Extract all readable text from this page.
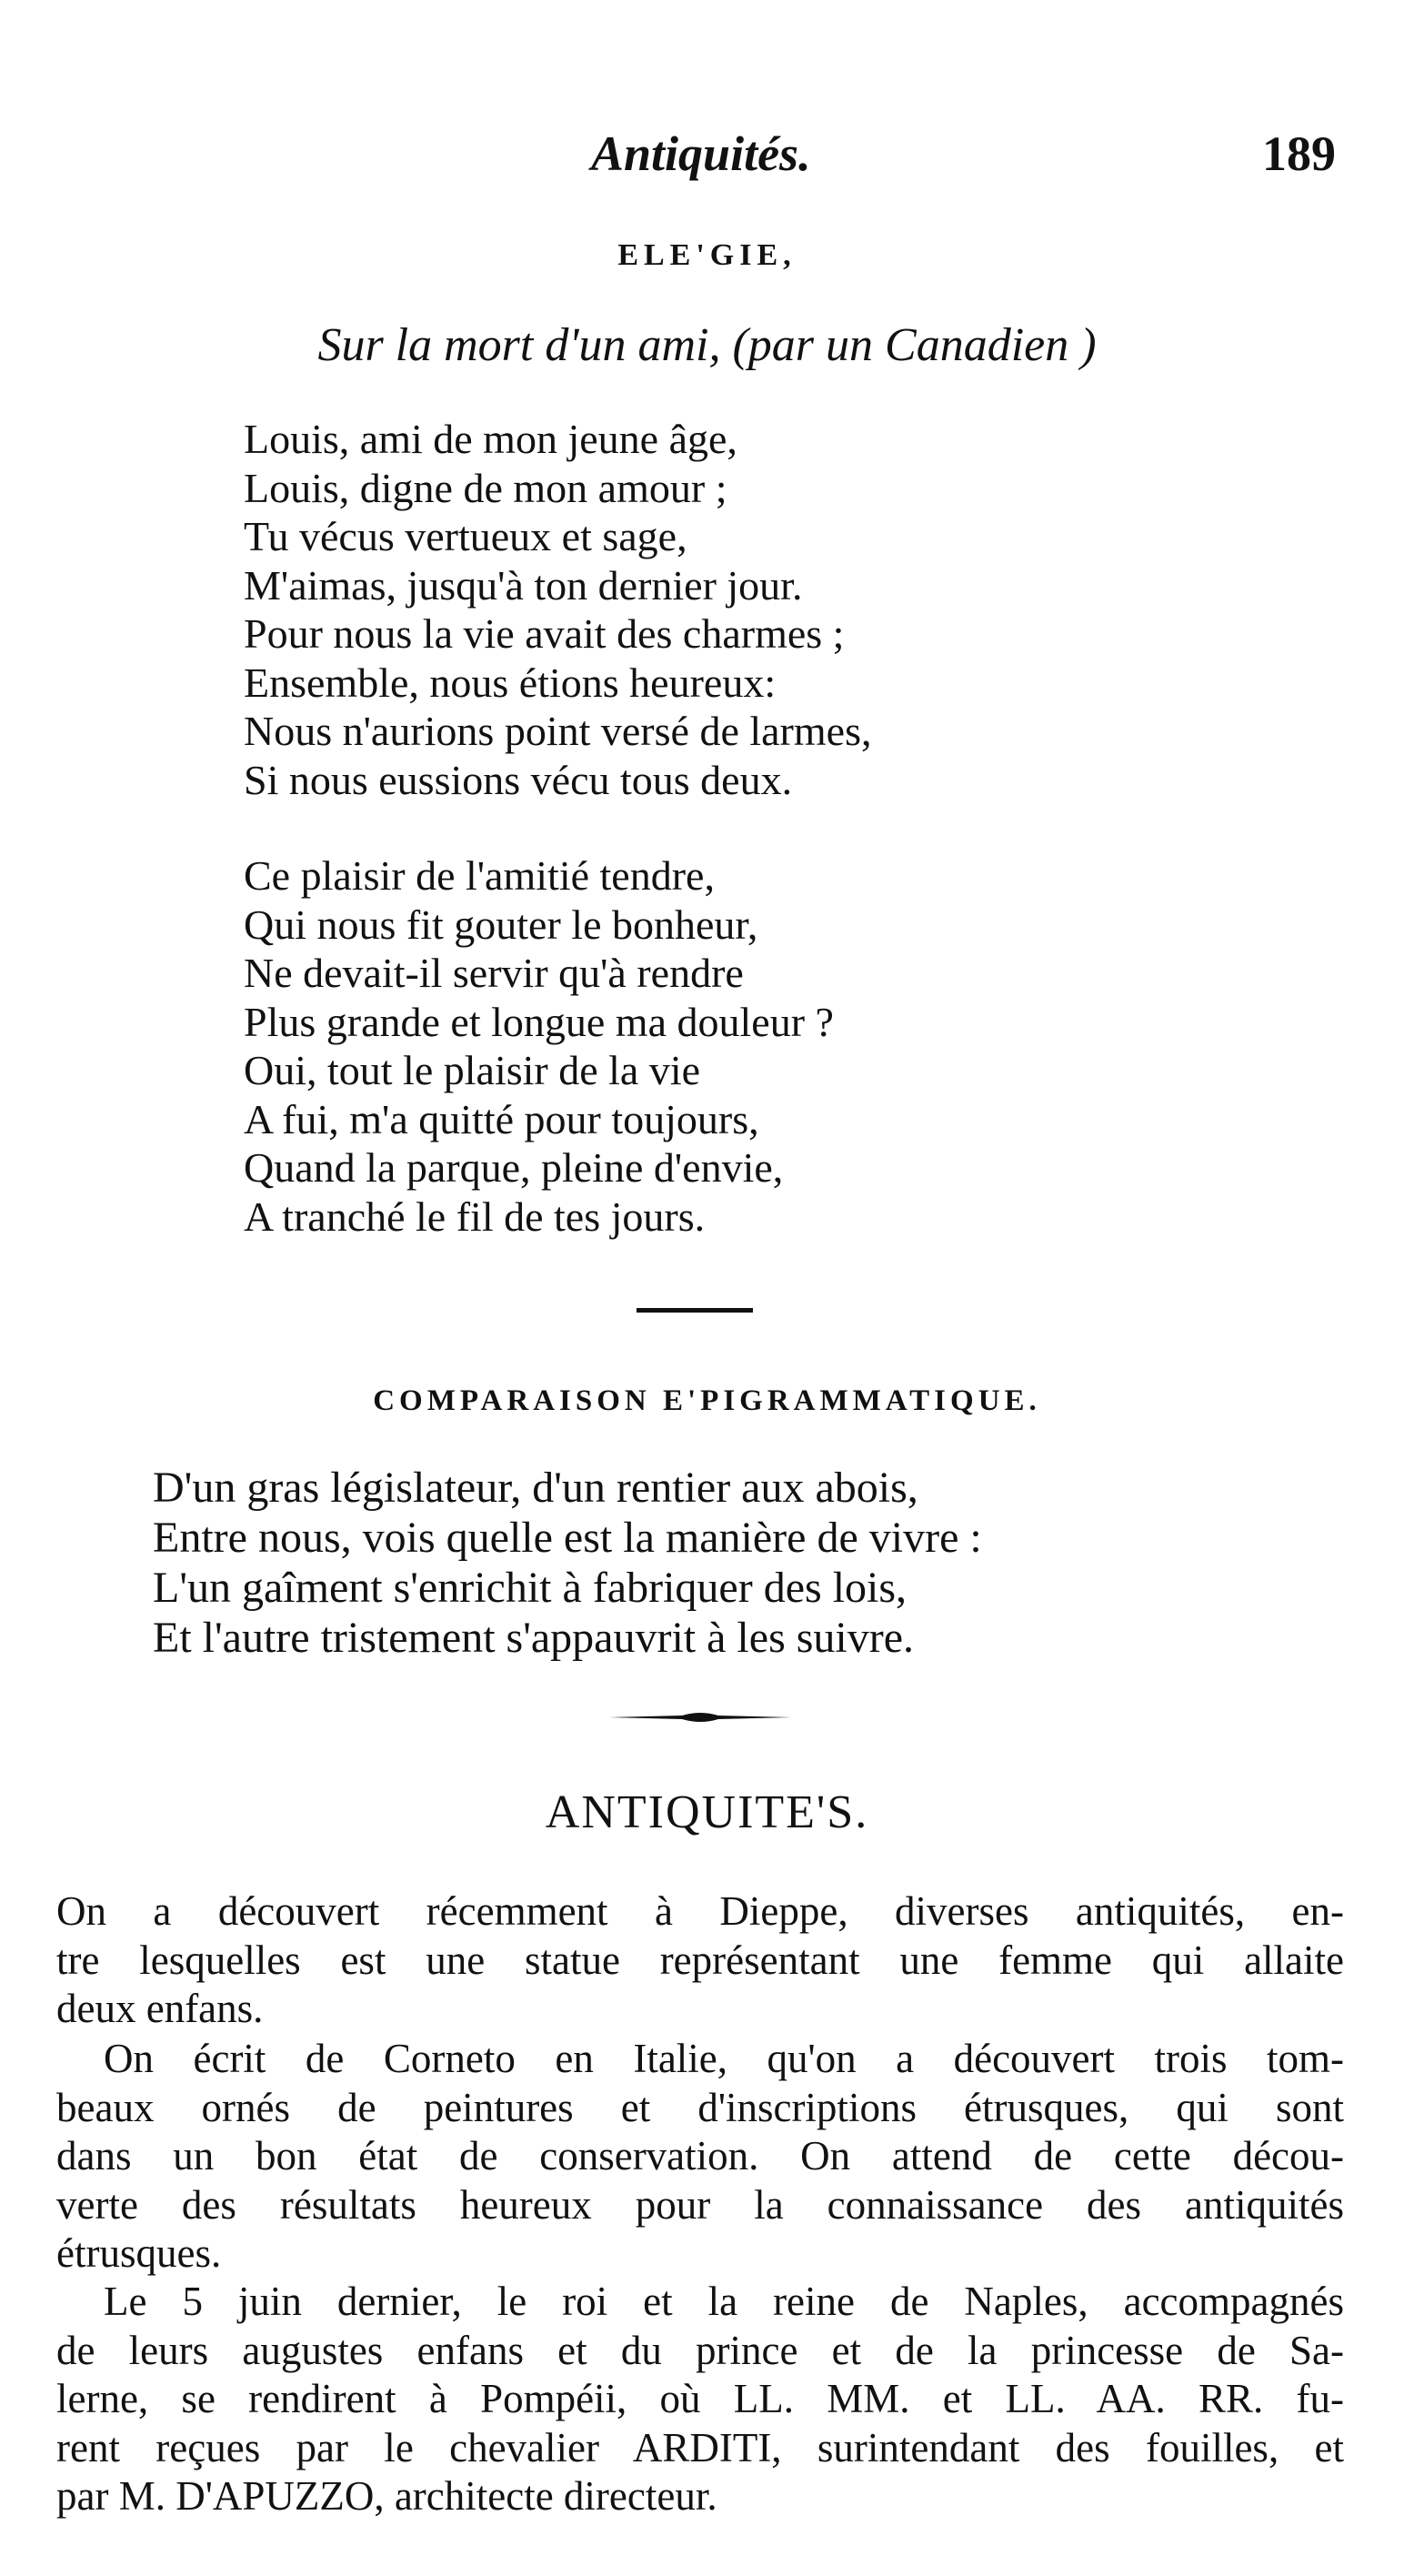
Antiquités.	189
ELE'GIE,
Sur la mort d'un ami, (par un Canadien )
Louis, ami de mon jeune âge,
Louis, digne de mon amour ;
Tu vécus vertueux et sage,
M'aimas, jusqu'à ton dernier jour.
Pour nous la vie avait des charmes ;
Ensemble, nous étions heureux:
Nous n'aurions point versé de larmes,
Si nous eussions vécu tous deux.
Ce plaisir de l'amitié tendre,
Qui nous fit gouter le bonheur,
Ne devait-il servir qu'à rendre
Plus grande et longue ma douleur ?
Oui, tout le plaisir de la vie
A fui, m'a quitté pour toujours,
Quand la parque, pleine d'envie,
A tranché le fil de tes jours.
COMPARAISON E'PIGRAMMATIQUE.
D'un gras législateur, d'un rentier aux abois,
Entre nous, vois quelle est la manière de vivre :
L'un gaîment s'enrichit à fabriquer des lois,
Et l'autre tristement s'appauvrit à les suivre.
ANTIQUITE'S.
On a découvert récemment à Dieppe, diverses antiquités, en-
tre lesquelles est une statue représentant une femme qui allaite
deux enfans.
On écrit de Corneto en Italie, qu'on a découvert trois tom-
beaux ornés de peintures et d'inscriptions étrusques, qui sont
dans un bon état de conservation. On attend de cette décou-
verte des résultats heureux pour la connaissance des antiquités
étrusques.
Le 5 juin dernier, le roi et la reine de Naples, accompagnés
de leurs augustes enfans et du prince et de la princesse de Sa-
lerne, se rendirent à Pompéii, où LL. MM. et LL. AA. RR. fu-
rent reçues par le chevalier ARDITI, surintendant des fouilles, et
par M. D'APUZZO, architecte directeur.
